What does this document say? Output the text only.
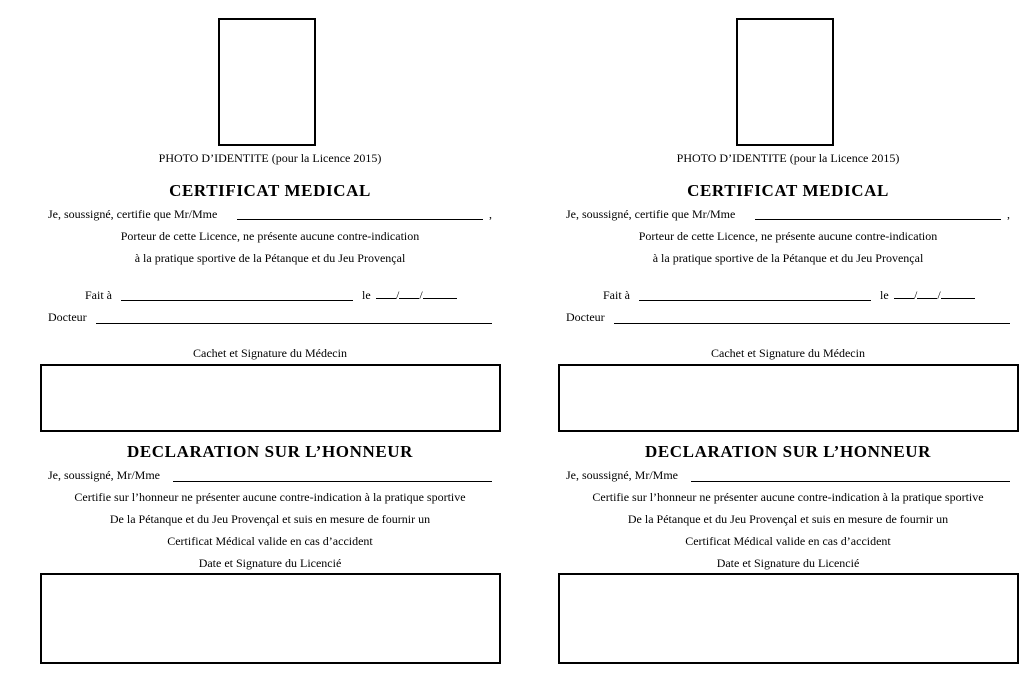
PHOTO D’IDENTITE (pour la Licence 2015)
CERTIFICAT MEDICAL
Je, soussigné, certifie que Mr/Mme	,
Porteur de cette Licence, ne présente aucune contre-indication
à la pratique sportive de la Pétanque et du Jeu Provençal
Fait à	le	/ /
Docteur
Cachet et Signature du Médecin
DECLARATION SUR L’HONNEUR
Je, soussigné, Mr/Mme
Certifie sur l’honneur ne présenter aucune contre-indication à la pratique sportive
De la Pétanque et du Jeu Provençal et suis en mesure de fournir un
Certificat Médical valide en cas d’accident
Date et Signature du Licencié
PHOTO D’IDENTITE (pour la Licence 2015)
CERTIFICAT MEDICAL
Je, soussigné, certifie que Mr/Mme	,
Porteur de cette Licence, ne présente aucune contre-indication
à la pratique sportive de la Pétanque et du Jeu Provençal
Fait à	le	/ /
Docteur
Cachet et Signature du Médecin
DECLARATION SUR L’HONNEUR
Je, soussigné, Mr/Mme
Certifie sur l’honneur ne présenter aucune contre-indication à la pratique sportive
De la Pétanque et du Jeu Provençal et suis en mesure de fournir un
Certificat Médical valide en cas d’accident
Date et Signature du Licencié
